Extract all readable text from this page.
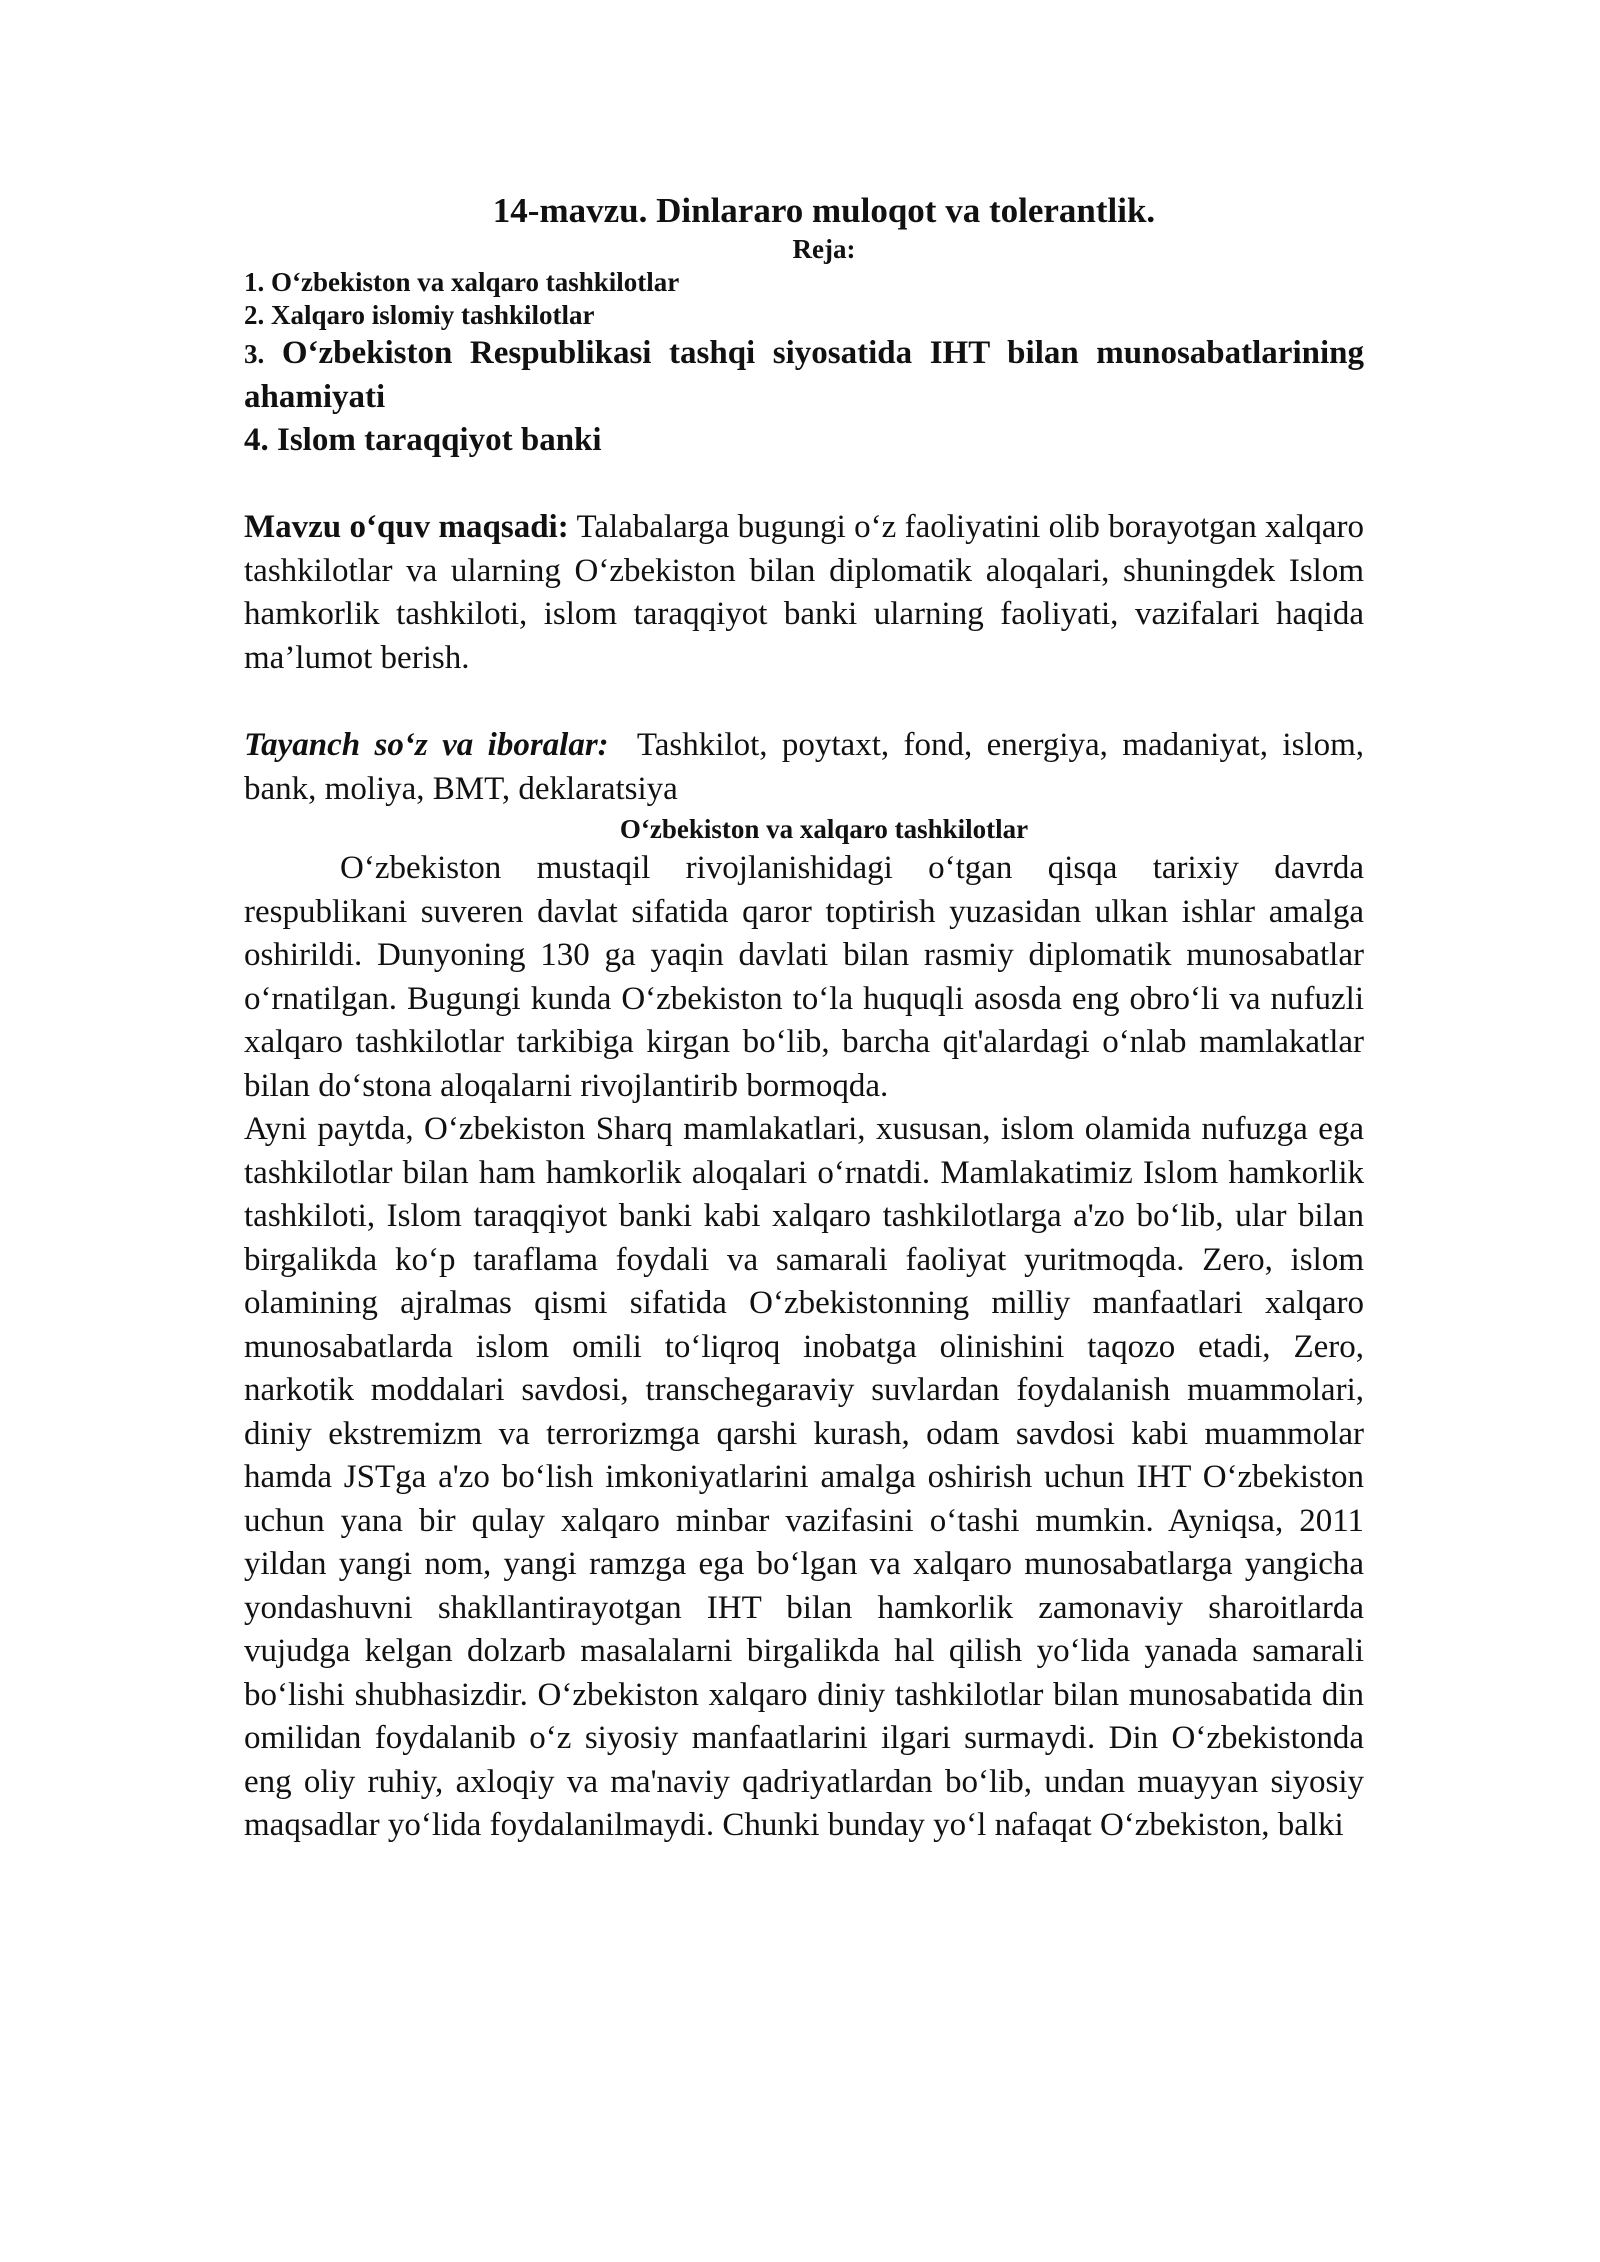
14-mavzu. Dinlararo muloqot va tolerantlik.

Reja:

1. O‘zbekiston va xalqaro tashkilotlar

2. Xalqaro islomiy tashkilotlar

3. O‘zbekiston Respublikasi tashqi siyosatida IHT bilan munosabatlarining ahamiyati

4. Islom taraqqiyot banki

Mavzu o‘quv maqsadi: Talabalarga bugungi o‘z faoliyatini olib borayotgan xalqaro tashkilotlar va ularning O‘zbekiston bilan diplomatik aloqalari, shuningdek Islom hamkorlik tashkiloti, islom taraqqiyot banki ularning faoliyati, vazifalari haqida ma’lumot berish.

Tayanch so‘z va iboralar: Tashkilot, poytaxt, fond, energiya, madaniyat, islom, bank, moliya, BMT, deklaratsiya

O‘zbekiston va xalqaro tashkilotlar

O‘zbekiston mustaqil rivojlanishidagi o‘tgan qisqa tarixiy davrda respublikani suveren davlat sifatida qaror toptirish yuzasidan ulkan ishlar amalga oshirildi. Dunyoning 130 ga yaqin davlati bilan rasmiy diplomatik munosabatlar o‘rnatilgan. Bugungi kunda O‘zbekiston to‘la huquqli asosda eng obro‘li va nufuzli xalqaro tashkilotlar tarkibiga kirgan bo‘lib, barcha qit'alardagi o‘nlab mamlakatlar bilan do‘stona aloqalarni rivojlantirib bormoqda.

Ayni paytda, O‘zbekiston Sharq mamlakatlari, xususan, islom olamida nufuzga ega tashkilotlar bilan ham hamkorlik aloqalari o‘rnatdi. Mamlakatimiz Islom hamkorlik tashkiloti, Islom taraqqiyot banki kabi xalqaro tashkilotlarga a'zo bo‘lib, ular bilan birgalikda ko‘p taraflama foydali va samarali faoliyat yuritmoqda. Zero, islom olamining ajralmas qismi sifatida O‘zbekistonning milliy manfaatlari xalqaro munosabatlarda islom omili to‘liqroq inobatga olinishini taqozo etadi, Zero, narkotik moddalari savdosi, transchegaraviy suvlardan foydalanish muammolari, diniy ekstremizm va terrorizmga qarshi kurash, odam savdosi kabi muammolar hamda JSTga a'zo bo‘lish imkoniyatlarini amalga oshirish uchun IHT O‘zbekiston uchun yana bir qulay xalqaro minbar vazifasini o‘tashi mumkin. Ayniqsa, 2011 yildan yangi nom, yangi ramzga ega bo‘lgan va xalqaro munosabatlarga yangicha yondashuvni shakllantirayotgan IHT bilan hamkorlik zamonaviy sharoitlarda vujudga kelgan dolzarb masalalarni birgalikda hal qilish yo‘lida yanada samarali bo‘lishi shubhasizdir. O‘zbekiston xalqaro diniy tashkilotlar bilan munosabatida din omilidan foydalanib o‘z siyosiy manfaatlarini ilgari surmaydi. Din O‘zbekistonda eng oliy ruhiy, axloqiy va ma'naviy qadriyatlardan bo‘lib, undan muayyan siyosiy maqsadlar yo‘lida foydalanilmaydi. Chunki bunday yo‘l nafaqat O‘zbekiston, balki
